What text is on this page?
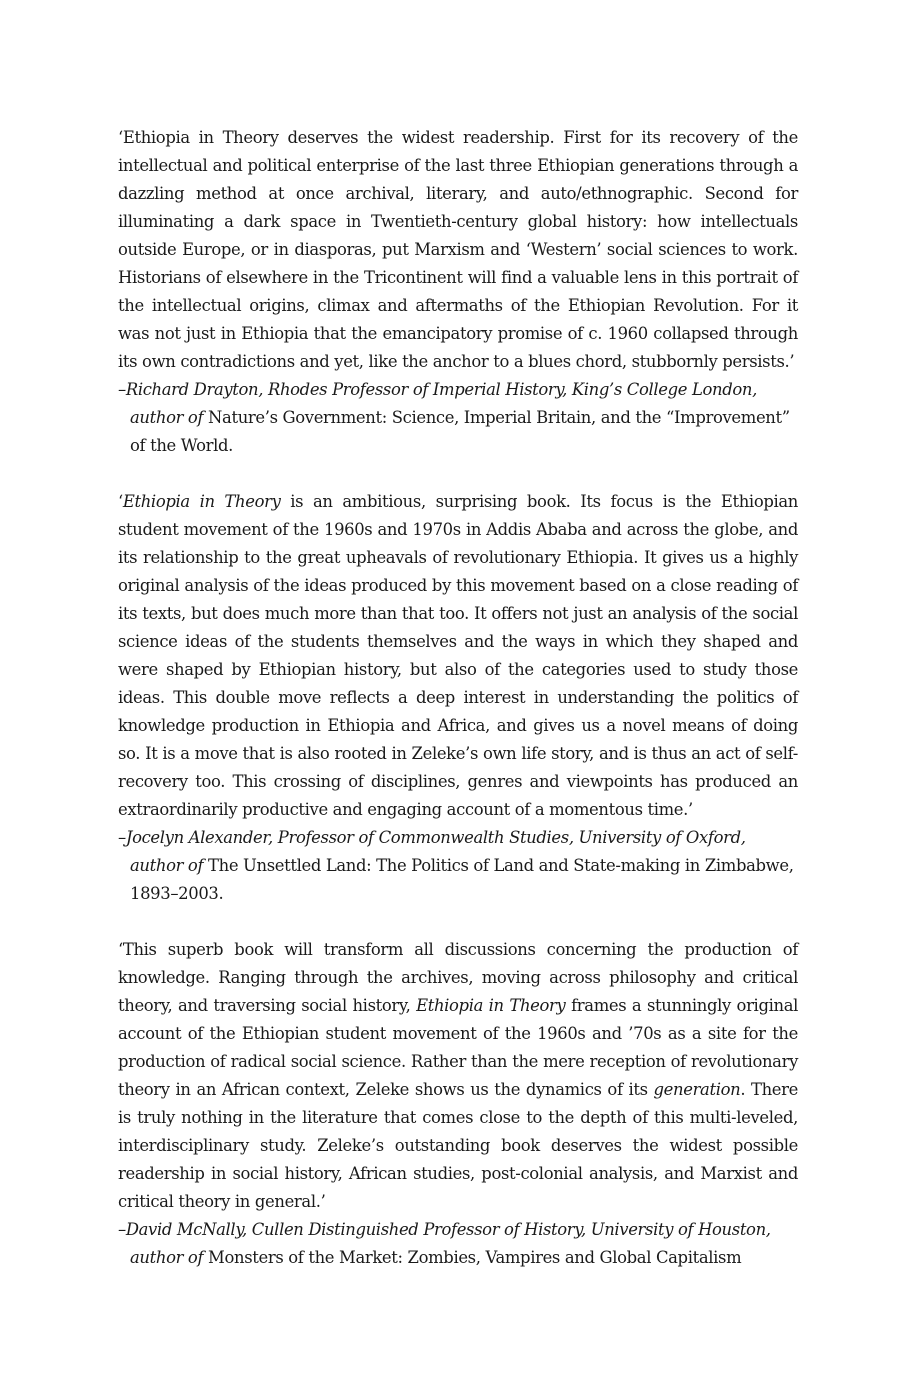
‘Ethiopia in Theory deserves the widest readership. First for its recovery of the intellectual and political enterprise of the last three Ethiopian generations through a dazzling method at once archival, literary, and auto/ethnographic. Second for illuminating a dark space in Twentieth-century global history: how intellectuals outside Europe, or in diasporas, put Marxism and ‘Western’ social sciences to work. Historians of elsewhere in the Tricontinent will find a valuable lens in this portrait of the intellectual origins, climax and aftermaths of the Ethiopian Revolution. For it was not just in Ethiopia that the emancipatory promise of c. 1960 collapsed through its own contradictions and yet, like the anchor to a blues chord, stubbornly persists.’

–Richard Drayton, Rhodes Professor of Imperial History, King’s College London, author of Nature’s Government: Science, Imperial Britain, and the “Improvement” of the World.

‘Ethiopia in Theory is an ambitious, surprising book. Its focus is the Ethiopian student movement of the 1960s and 1970s in Addis Ababa and across the globe, and its relationship to the great upheavals of revolutionary Ethiopia. It gives us a highly original analysis of the ideas produced by this movement based on a close reading of its texts, but does much more than that too. It offers not just an analysis of the social science ideas of the students themselves and the ways in which they shaped and were shaped by Ethiopian history, but also of the categories used to study those ideas. This double move reflects a deep interest in understanding the politics of knowledge production in Ethiopia and Africa, and gives us a novel means of doing so. It is a move that is also rooted in Zeleke’s own life story, and is thus an act of self-recovery too. This crossing of disciplines, genres and viewpoints has produced an extraordinarily productive and engaging account of a momentous time.’

–Jocelyn Alexander, Professor of Commonwealth Studies, University of Oxford, author of The Unsettled Land: The Politics of Land and State-making in Zimbabwe, 1893–2003.

‘This superb book will transform all discussions concerning the production of knowledge. Ranging through the archives, moving across philosophy and critical theory, and traversing social history, Ethiopia in Theory frames a stunningly original account of the Ethiopian student movement of the 1960s and ’70s as a site for the production of radical social science. Rather than the mere reception of revolutionary theory in an African context, Zeleke shows us the dynamics of its generation. There is truly nothing in the literature that comes close to the depth of this multi-leveled, interdisciplinary study. Zeleke’s outstanding book deserves the widest possible readership in social history, African studies, post-colonial analysis, and Marxist and critical theory in general.’

–David McNally, Cullen Distinguished Professor of History, University of Houston, author of Monsters of the Market: Zombies, Vampires and Global Capitalism
